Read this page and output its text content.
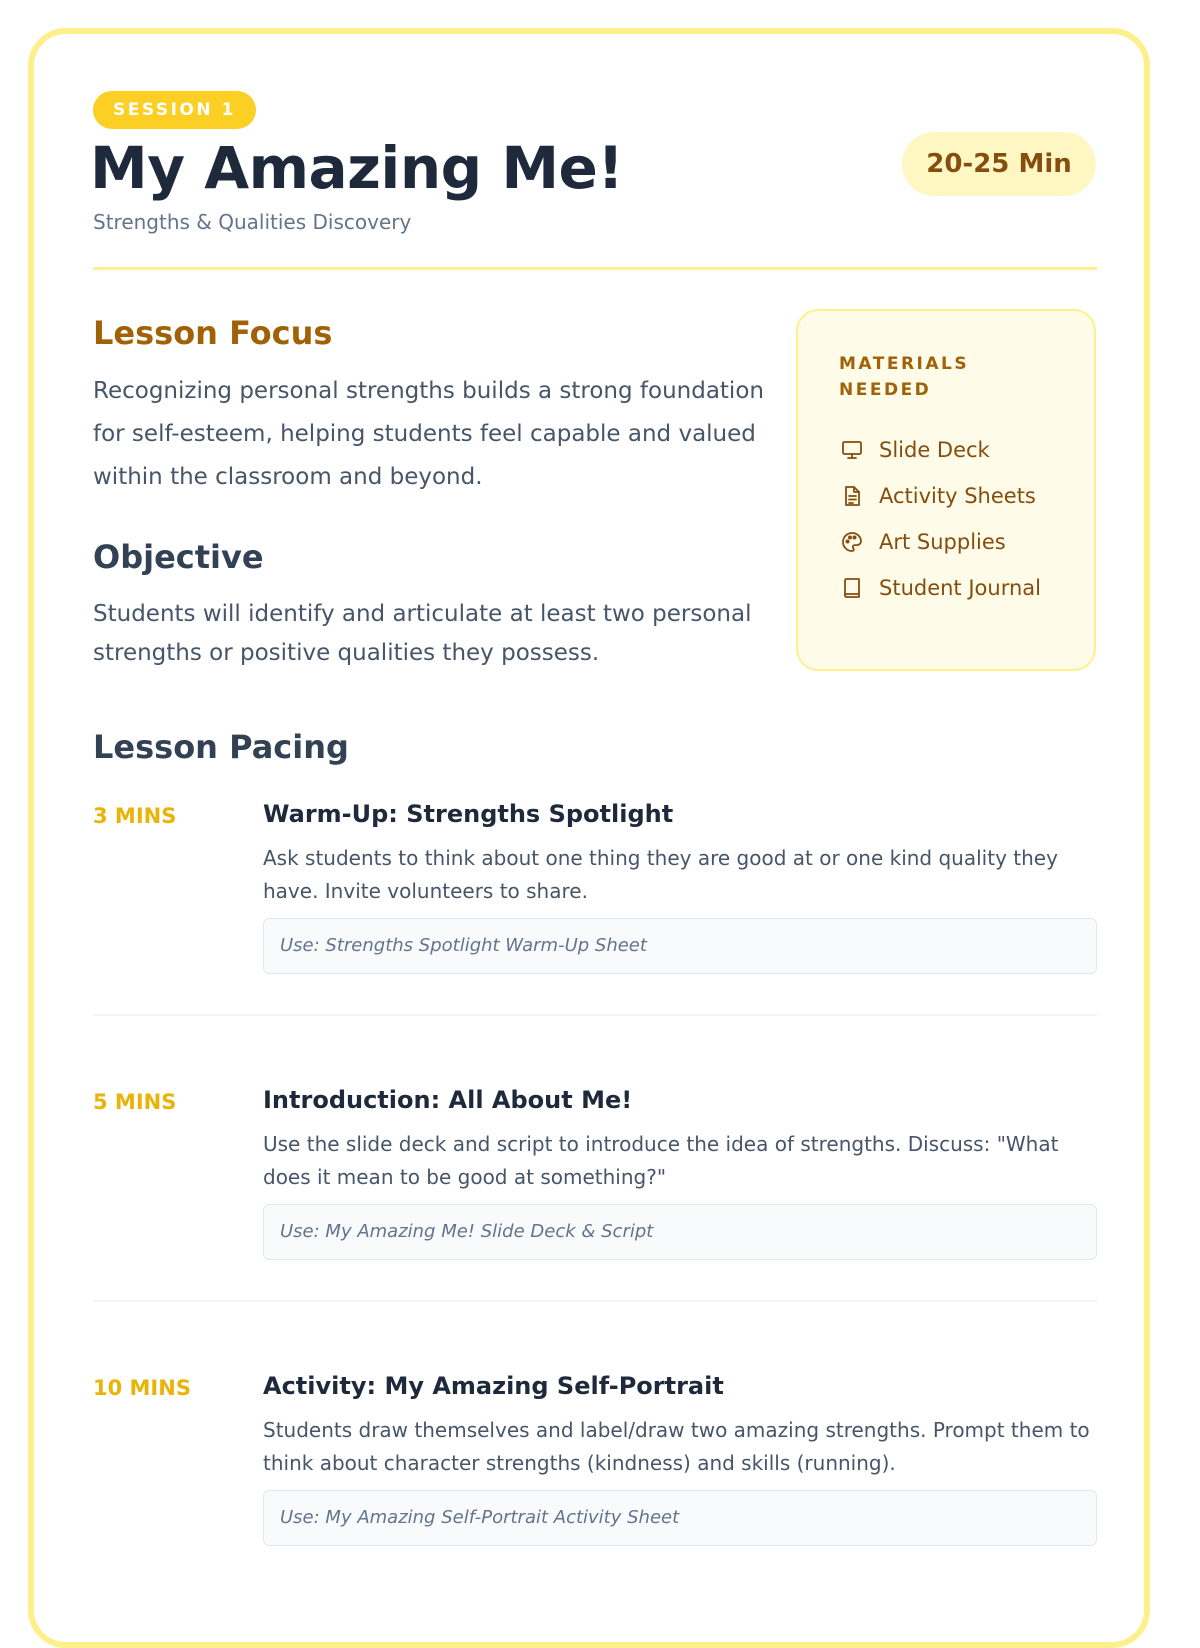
SESSION 1
My Amazing Me!
Strengths & Qualities Discovery
20-25 Min
Lesson Focus
Recognizing personal strengths builds a strong foundation for self-esteem, helping students feel capable and valued within the classroom and beyond.
Objective
Students will identify and articulate at least two personal strengths or positive qualities they possess.
MATERIALS NEEDED
Slide Deck
Activity Sheets
Art Supplies
Student Journal
Lesson Pacing
3 MINS	Warm-Up: Strengths Spotlight
Ask students to think about one thing they are good at or one kind quality they have. Invite volunteers to share.
Use: Strengths Spotlight Warm-Up Sheet
5 MINS	Introduction: All About Me!
Use the slide deck and script to introduce the idea of strengths. Discuss: "What does it mean to be good at something?"
Use: My Amazing Me! Slide Deck & Script
10 MINS	Activity: My Amazing Self-Portrait
Students draw themselves and label/draw two amazing strengths. Prompt them to think about character strengths (kindness) and skills (running).
Use: My Amazing Self-Portrait Activity Sheet
